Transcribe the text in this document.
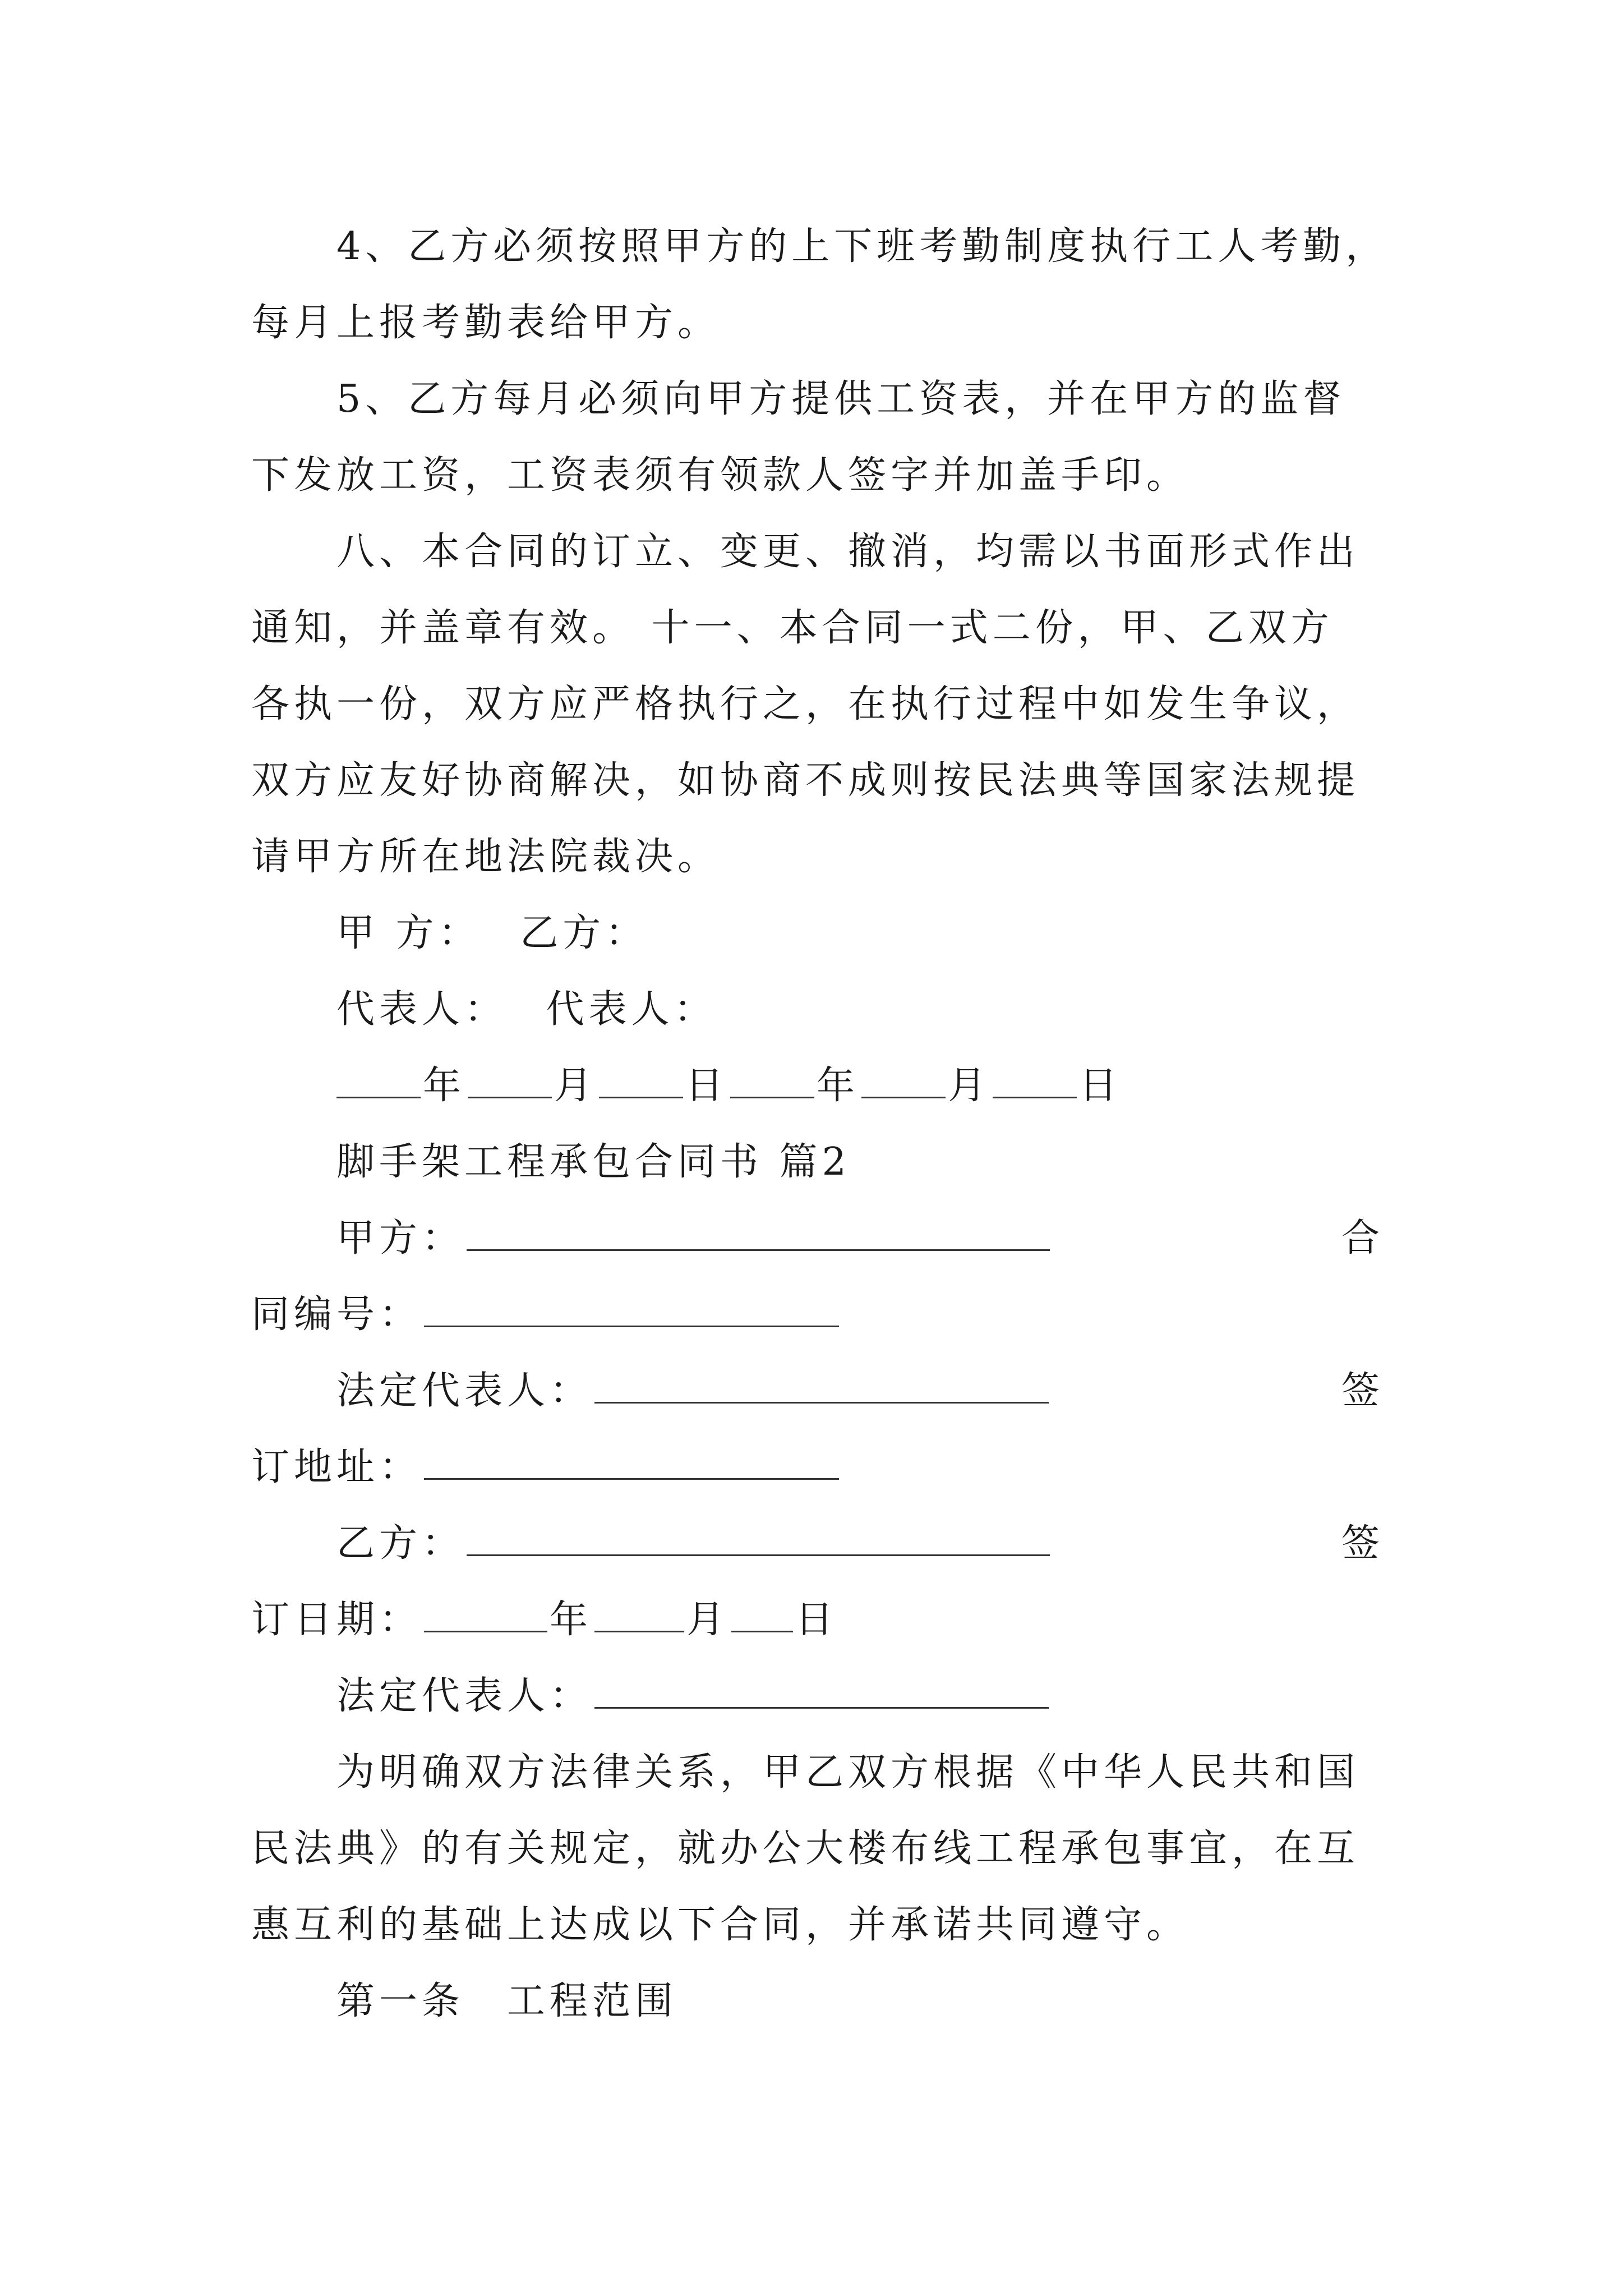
4、乙方必须按照甲方的上下班考勤制度执行工人考勤，
每月上报考勤表给甲方。
5、乙方每月必须向甲方提供工资表，并在甲方的监督
下发放工资，工资表须有领款人签字并加盖手印。
八、本合同的订立、变更、撤消，均需以书面形式作出
通知，并盖章有效。 十一、本合同一式二份，甲、乙双方
各执一份，双方应严格执行之，在执行过程中如发生争议，
双方应友好协商解决，如协商不成则按民法典等国家法规提
请甲方所在地法院裁决。
甲 方： 乙方：
代表人： 代表人：
年 月 日 年 月 日
脚手架工程承包合同书 篇2
甲方：	合
同编号：
法定代表人：	签
订地址：
乙方：	签
订日期：	年 月 日
法定代表人：
为明确双方法律关系，甲乙双方根据《中华人民共和国
民法典》的有关规定，就办公大楼布线工程承包事宜，在互
惠互利的基础上达成以下合同，并承诺共同遵守。
第一条　工程范围
